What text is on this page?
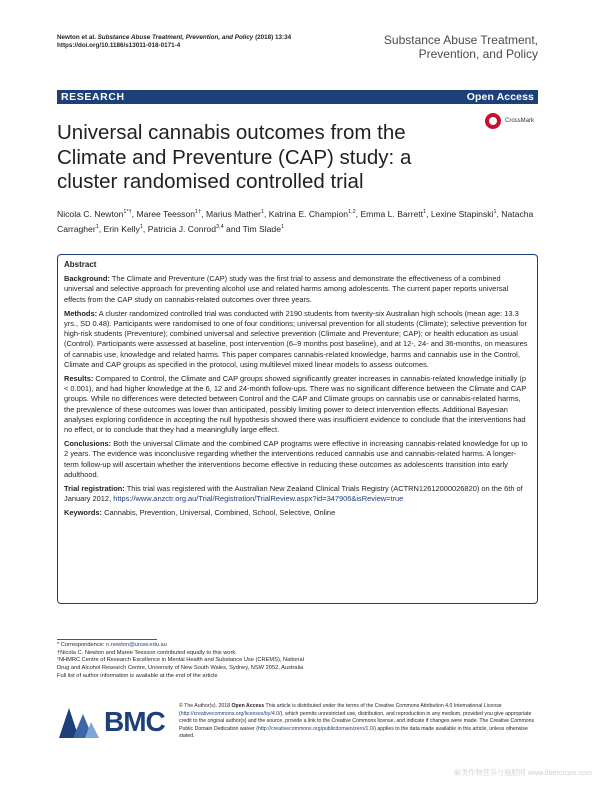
Newton et al. Substance Abuse Treatment, Prevention, and Policy (2018) 13:34
https://doi.org/10.1186/s13011-018-0171-4	Substance Abuse Treatment,
Prevention, and Policy
RESEARCH	Open Access
Universal cannabis outcomes from the Climate and Preventure (CAP) study: a cluster randomised controlled trial
CrossMark
Nicola C. Newton$^{1*\dagger}$, Maree Teesson$^{1\dagger}$, Marius Mather$^1$, Katrina E. Champion$^{1,2}$, Emma L. Barrett$^1$, Lexine Stapinski$^1$, Natacha Carragher$^1$, Erin Kelly$^1$, Patricia J. Conrod$^{3,4}$ and Tim Slade$^1$
Abstract

Background: The Climate and Preventure (CAP) study was the first trial to assess and demonstrate the effectiveness of a combined universal and selective approach for preventing alcohol use and related harms among adolescents. The current paper reports universal effects from the CAP study on cannabis-related outcomes over three years.

Methods: A cluster randomized controlled trial was conducted with 2190 students from twenty-six Australian high schools (mean age: 13.3 yrs., SD 0.48). Participants were randomised to one of four conditions; universal prevention for all students (Climate); selective prevention for high-risk students (Preventure); combined universal and selective prevention (Climate and Preventure; CAP); or health education as usual (Control). Participants were assessed at baseline, post intervention (6–9 months post baseline), and at 12-, 24- and 36-months, on measures of cannabis use, knowledge and related harms. This paper compares cannabis-related knowledge, harms and cannabis use in the Control, Climate and CAP groups as specified in the protocol, using multilevel mixed linear models to assess outcomes.

Results: Compared to Control, the Climate and CAP groups showed significantly greater increases in cannabis-related knowledge initially (p < 0.001), and had higher knowledge at the 6, 12 and 24-month follow-ups. There was no significant difference between the Climate and CAP groups. While no differences were detected between Control and the CAP and Climate groups on cannabis use or cannabis-related harms, the prevalence of these outcomes was lower than anticipated, possibly limiting power to detect intervention effects. Additional Bayesian analyses exploring confidence in accepting the null hypothesis showed there was insufficient evidence to conclude that the interventions had no effect, or to conclude that they had a meaningfully large effect.

Conclusions: Both the universal Climate and the combined CAP programs were effective in increasing cannabis-related knowledge for up to 2 years. The evidence was inconclusive regarding whether the interventions reduced cannabis use and cannabis-related harms. A longer-term follow-up will ascertain whether the interventions become effective in reducing these outcomes as adolescents transition into early adulthood.

Trial registration: This trial was registered with the Australian New Zealand Clinical Trials Registry (ACTRN12612000026820) on the 6th of January 2012, https://www.anzctr.org.au/Trial/Registration/TrialReview.aspx?id=347906&isReview=true

Keywords: Cannabis, Prevention, Universal, Combined, School, Selective, Online

* Correspondence: n.newton@unsw.edu.au
†Nicola C. Newton and Maree Teesson contributed equally to this work.
¹NHMRC Centre of Research Excellence in Mental Health and Substance Use (CREMS), National Drug and Alcohol Research Centre, University of New South Wales, Sydney, NSW 2052, Australia
Full list of author information is available at the end of the article
BMC	© The Author(s). 2018 Open Access This article is distributed under the terms of the Creative Commons Attribution 4.0 International License (http://creativecommons.org/licenses/by/4.0/), which permits unrestricted use, distribution, and reproduction in any medium, provided you give appropriate credit to the original author(s) and the source, provide a link to the Creative Commons license, and indicate if changes were made. The Creative Commons Public Domain Dedication waiver (http://creativecommons.org/publicdomain/zero/1.0/) applies to the data made available in this article, unless otherwise stated.
麻类作物营养与施肥网 www.fibercrops.com
